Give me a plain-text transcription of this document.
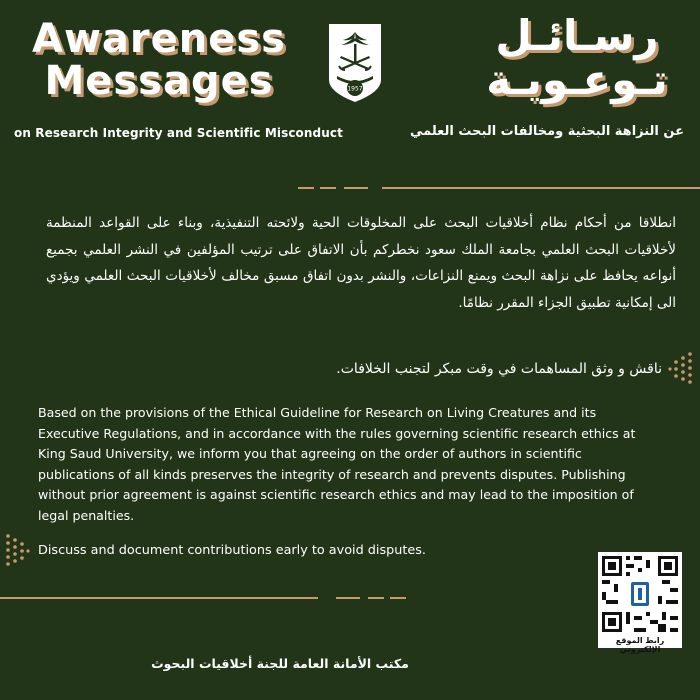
Awareness
Messages	1957
رسـائـل
تـوعـويـة
on Research Integrity and Scientific Misconduct	عن النزاهة البحثية ومخالفات البحث العلمي
انطلاقا من أحكام نظام أخلاقيات البحث على المخلوقات الحية ولائحته التنفيذية، وبناء على القواعد المنظمة لأخلاقيات البحث العلمي بجامعة الملك سعود نخطركم بأن الاتفاق على ترتيب المؤلفين في النشر العلمي بجميع أنواعه يحافظ على نزاهة البحث ويمنع النزاعات، والنشر بدون اتفاق مسبق مخالف لأخلاقيات البحث العلمي ويؤدي الى إمكانية تطبيق الجزاء المقرر نظامًا.
ناقش و وثق المساهمات في وقت مبكر لتجنب الخلافات.
Based on the provisions of the Ethical Guideline for Research on Living Creatures and its Executive Regulations, and in accordance with the rules governing scientific research ethics at King Saud University, we inform you that agreeing on the order of authors in scientific publications of all kinds preserves the integrity of research and prevents disputes. Publishing without prior agreement is against scientific research ethics and may lead to the imposition of legal penalties.
Discuss and document contributions early to avoid disputes.
رابط الموقع الإلكتروني
مكتب الأمانة العامة للجنة أخلاقيات البحوث
